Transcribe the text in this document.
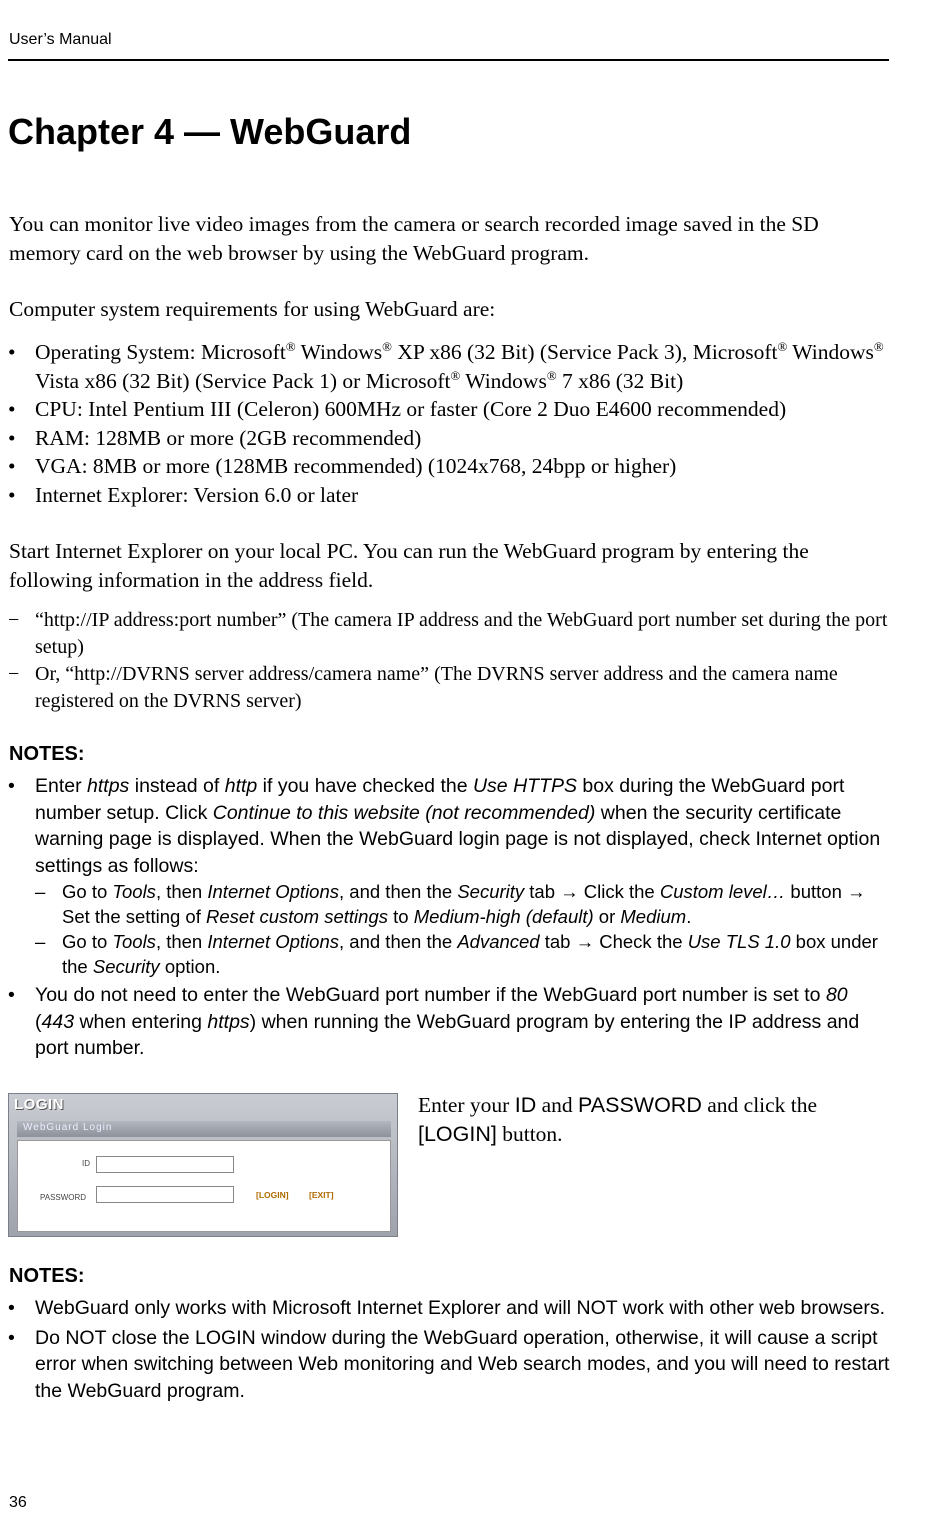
User’s Manual
Chapter 4 — WebGuard
You can monitor live video images from the camera or search recorded image saved in the SD memory card on the web browser by using the WebGuard program.
Computer system requirements for using WebGuard are:
• Operating System: Microsoft® Windows® XP x86 (32 Bit) (Service Pack 3), Microsoft® Windows® Vista x86 (32 Bit) (Service Pack 1) or Microsoft® Windows® 7 x86 (32 Bit)
• CPU: Intel Pentium III (Celeron) 600MHz or faster (Core 2 Duo E4600 recommended)
• RAM: 128MB or more (2GB recommended)
• VGA: 8MB or more (128MB recommended) (1024x768, 24bpp or higher)
• Internet Explorer: Version 6.0 or later
Start Internet Explorer on your local PC. You can run the WebGuard program by entering the following information in the address field.
− “http://IP address:port number” (The camera IP address and the WebGuard port number set during the port setup)
− Or, “http://DVRNS server address/camera name” (The DVRNS server address and the camera name registered on the DVRNS server)
NOTES:
• Enter https instead of http if you have checked the Use HTTPS box during the WebGuard port number setup. Click Continue to this website (not recommended) when the security certificate warning page is displayed. When the WebGuard login page is not displayed, check Internet option settings as follows:
– Go to Tools, then Internet Options, and then the Security tab → Click the Custom level… button → Set the setting of Reset custom settings to Medium-high (default) or Medium.
– Go to Tools, then Internet Options, and then the Advanced tab → Check the Use TLS 1.0 box under the Security option.
• You do not need to enter the WebGuard port number if the WebGuard port number is set to 80 (443 when entering https) when running the WebGuard program by entering the IP address and port number.
LOGIN
WebGuard Login
ID
PASSWORD	[LOGIN] [EXIT]
Enter your ID and PASSWORD and click the [LOGIN] button.
NOTES:
• WebGuard only works with Microsoft Internet Explorer and will NOT work with other web browsers.
• Do NOT close the LOGIN window during the WebGuard operation, otherwise, it will cause a script error when switching between Web monitoring and Web search modes, and you will need to restart the WebGuard program.
36
